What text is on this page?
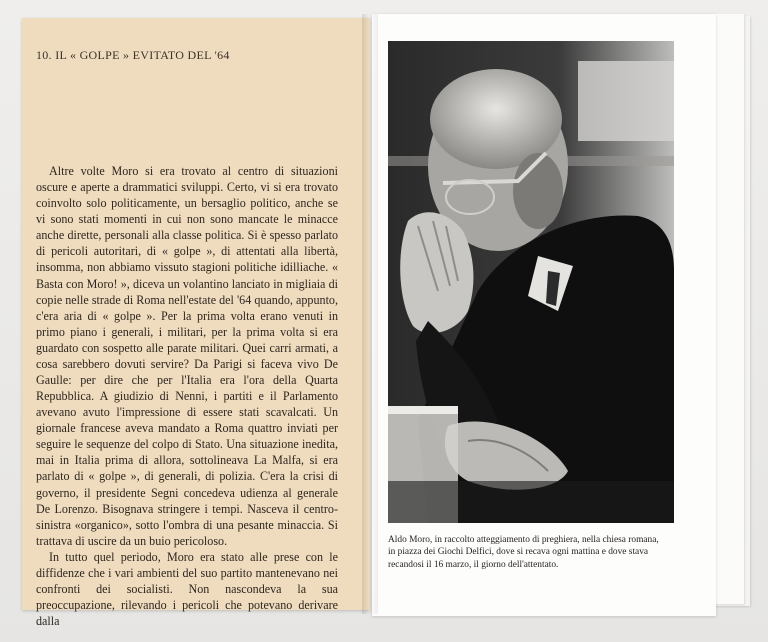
10. IL « GOLPE » EVITATO DEL '64

Altre volte Moro si era trovato al centro di situazioni oscure e aperte a drammatici sviluppi. Certo, vi si era trovato coinvolto solo politicamente, un bersaglio politico, anche se vi sono stati momenti in cui non sono mancate le minacce anche dirette, personali alla classe politica. Si è spesso parlato di pericoli autoritari, di « golpe », di attentati alla libertà, insomma, non abbiamo vissuto stagioni politiche idilliache. « Basta con Moro! », diceva un volantino lanciato in migliaia di copie nelle strade di Roma nell'estate del '64 quando, appunto, c'era aria di « golpe ». Per la prima volta erano venuti in primo piano i generali, i militari, per la prima volta si era guardato con sospetto alle parate militari. Quei carri armati, a cosa sarebbero dovuti servire? Da Parigi si faceva vivo De Gaulle: per dire che per l'Italia era l'ora della Quarta Repubblica. A giudizio di Nenni, i partiti e il Parlamento avevano avuto l'impressione di essere stati scavalcati. Un giornale francese aveva mandato a Roma quattro inviati per seguire le sequenze del colpo di Stato. Una situazione inedita, mai in Italia prima di allora, sottolineava La Malfa, si era parlato di « golpe », di generali, di polizia. C'era la crisi di governo, il presidente Segni concedeva udienza al generale De Lorenzo. Bisognava stringere i tempi. Nasceva il centro-sinistra «organico», sotto l'ombra di una pesante minaccia. Si trattava di uscire da un buio pericoloso.

In tutto quel periodo, Moro era stato alle prese con le diffidenze che i vari ambienti del suo partito mantenevano nei confronti dei socialisti. Non nascondeva la sua preoccupazione, rilevando i pericoli che potevano derivare dalla

Aldo Moro, in raccolto atteggiamento di preghiera, nella chiesa romana,
in piazza dei Giochi Delfici, dove si recava ogni mattina e dove stava
recandosi il 16 marzo, il giorno dell'attentato.
